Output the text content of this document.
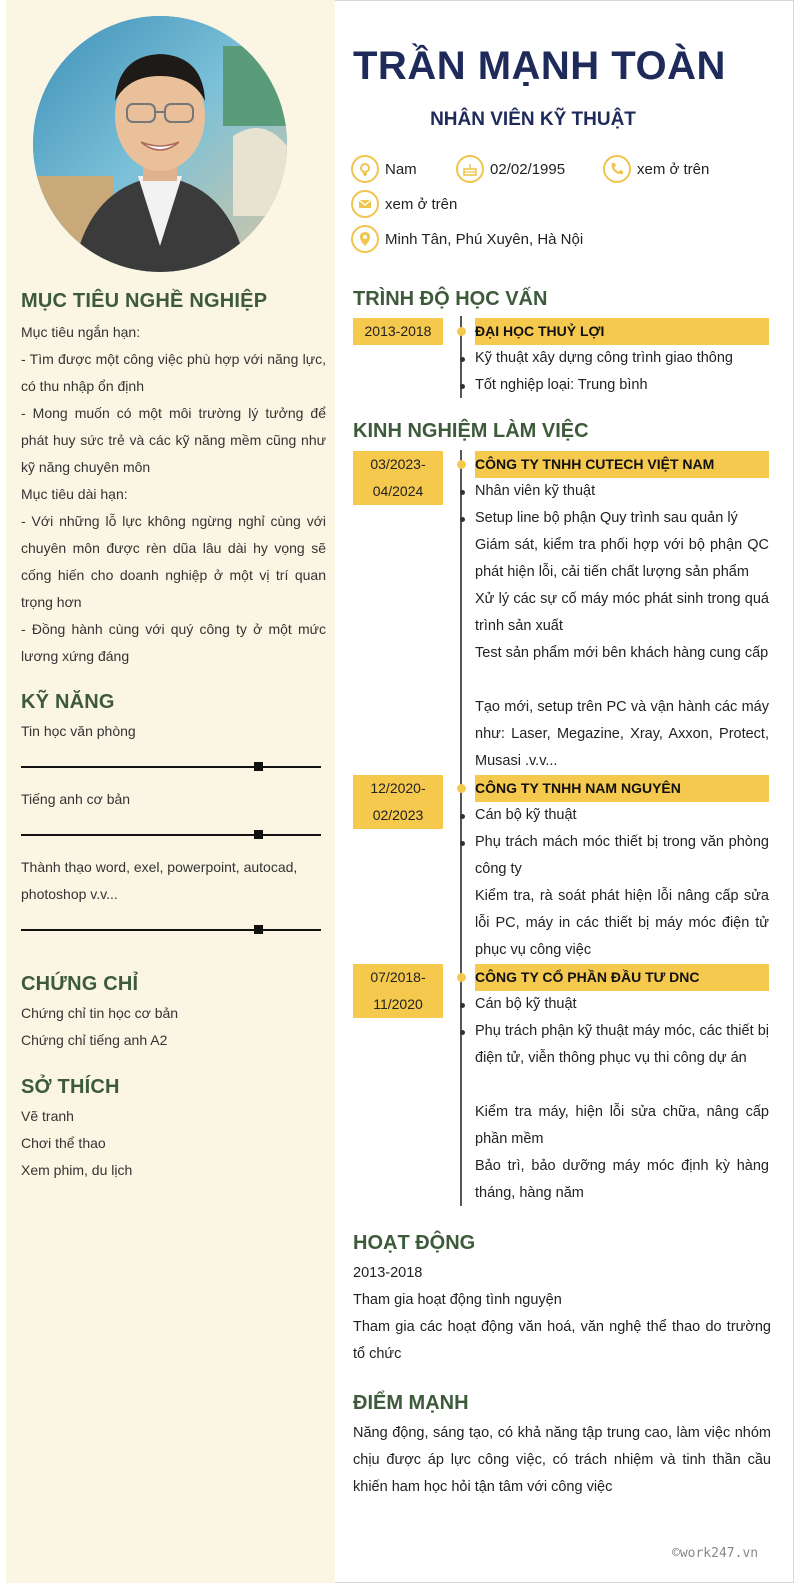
TRẦN MẠNH TOÀN
NHÂN VIÊN KỸ THUẬT
Nam	02/02/1995	xem ở trên
xem ở trên
Minh Tân, Phú Xuyên, Hà Nội
MỤC TIÊU NGHỀ NGHIỆP
Mục tiêu ngắn hạn:
- Tìm được một công việc phù hợp với năng lực, có thu nhập ổn định
- Mong muốn có một môi trường lý tưởng để phát huy sức trẻ và các kỹ năng mềm cũng như kỹ năng chuyên môn
Mục tiêu dài hạn:
- Với những lỗ lực không ngừng nghỉ cùng với chuyên môn được rèn dũa lâu dài hy vọng sẽ cống hiến cho doanh nghiệp ở một vị trí quan trọng hơn
- Đồng hành cùng với quý công ty ở một mức lương xứng đáng
KỸ NĂNG
Tin học văn phòng
Tiếng anh cơ bản
Thành thạo word, exel, powerpoint, autocad, photoshop v.v...
CHỨNG CHỈ
Chứng chỉ tin học cơ bản
Chứng chỉ tiếng anh A2
SỞ THÍCH
Vẽ tranh
Chơi thể thao
Xem phim, du lịch
TRÌNH ĐỘ HỌC VẤN
2013-2018	ĐẠI HỌC THUỶ LỢI
Kỹ thuật xây dựng công trình giao thông
Tốt nghiệp loại: Trung bình
KINH NGHIỆM LÀM VIỆC
03/2023-
04/2024
CÔNG TY TNHH CUTECH VIỆT NAM
Nhân viên kỹ thuật
Setup line bộ phận Quy trình sau quản lý
Giám sát, kiểm tra phối hợp với bộ phận QC phát hiện lỗi, cải tiến chất lượng sản phẩm
Xử lý các sự cố máy móc phát sinh trong quá trình sản xuất
Test sản phẩm mới bên khách hàng cung cấp
Tạo mới, setup trên PC và vận hành các máy như: Laser, Megazine, Xray, Axxon, Protect, Musasi .v.v...
12/2020-
02/2023
CÔNG TY TNHH NAM NGUYÊN
Cán bộ kỹ thuật
Phụ trách mách móc thiết bị trong văn phòng công ty
Kiểm tra, rà soát phát hiện lỗi nâng cấp sửa lỗi PC, máy in các thiết bị máy móc điện tử phục vụ công việc
07/2018-
11/2020
CÔNG TY CỔ PHẦN ĐẦU TƯ DNC
Cán bộ kỹ thuật
Phụ trách phận kỹ thuật máy móc, các thiết bị điện tử, viễn thông phục vụ thi công dự án
Kiểm tra máy, hiện lỗi sửa chữa, nâng cấp phần mềm
Bảo trì, bảo dưỡng máy móc định kỳ hàng tháng, hàng năm
HOẠT ĐỘNG
2013-2018
Tham gia hoạt động tình nguyện
Tham gia các hoạt động văn hoá, văn nghệ thể thao do trường tổ chức
ĐIỂM MẠNH
Năng động, sáng tạo, có khả năng tập trung cao, làm việc nhóm chịu được áp lực công việc, có trách nhiệm và tinh thần cầu khiến ham học hỏi tận tâm với công việc
©work247.vn
